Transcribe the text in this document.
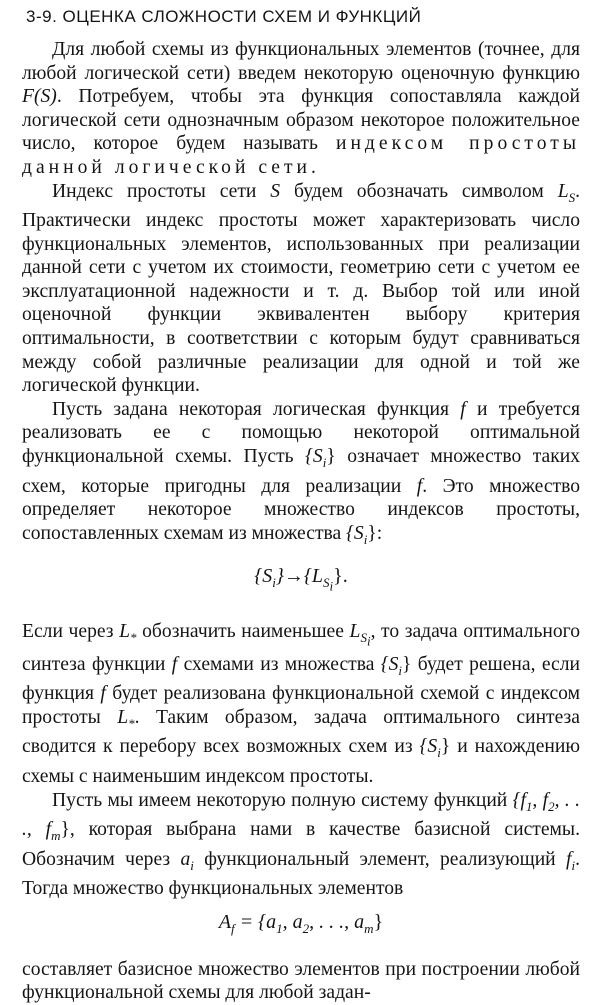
3-9. ОЦЕНКА СЛОЖНОСТИ СХЕМ И ФУНКЦИЙ

Для любой схемы из функциональных элементов (точнее, для любой логической сети) введем некоторую оценочную функцию F(S). Потребуем, чтобы эта функция сопоставляла каждой логической сети однозначным образом некоторое положительное число, которое будем называть индексом простоты данной логической сети.

Индекс простоты сети S будем обозначать символом $L_S$. Практически индекс простоты может характеризовать число функциональных элементов, использованных при реализации данной сети с учетом их стоимости, геометрию сети с учетом ее эксплуатационной надежности и т. д. Выбор той или иной оценочной функции эквивалентен выбору критерия оптимальности, в соответствии с которым будут сравниваться между собой различные реализации для одной и той же логической функции.

Пусть задана некоторая логическая функция f и требуется реализовать ее с помощью некоторой оптимальной функциональной схемы. Пусть $\{S_i\}$ означает множество таких схем, которые пригодны для реализации f. Это множество определяет некоторое множество индексов простоты, сопоставленных схемам из множества $\{S_i\}$:

$\{S_i\}\to\{L_{S_i}\}$.

Если через $L_*$ обозначить наименьшее $L_{S_i}$, то задача оптимального синтеза функции f схемами из множества $\{S_i\}$ будет решена, если функция f будет реализована функциональной схемой с индексом простоты $L_*$. Таким образом, задача оптимального синтеза сводится к перебору всех возможных схем из $\{S_i\}$ и нахождению схемы с наименьшим индексом простоты.

Пусть мы имеем некоторую полную систему функций {$f_1$, $f_2$, . . ., $f_m$}, которая выбрана нами в качестве базисной системы. Обозначим через $a_i$ функциональный элемент, реализующий $f_i$. Тогда множество функциональных элементов

$A_f = \{a_1$, $a_2$, . . ., $a_m$}

составляет базисное множество элементов при построении любой функциональной схемы для любой задан-
